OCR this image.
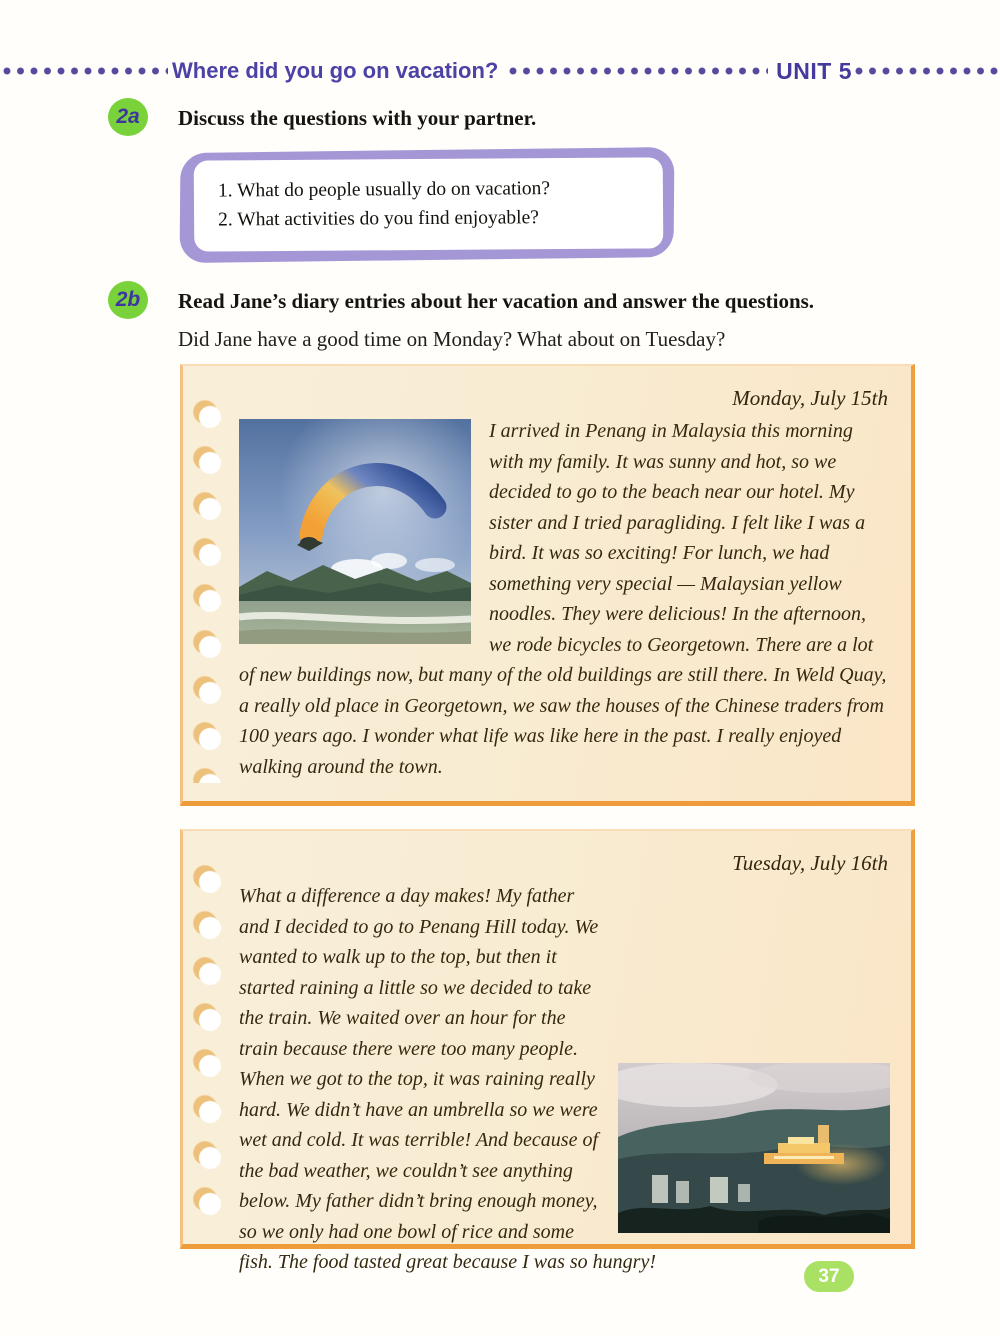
Where did you go on vacation?	UNIT 5
2a	Discuss the questions with your partner.
1. What do people usually do on vacation?
2. What activities do you find enjoyable?
2b	Read Jane’s diary entries about her vacation and answer the questions.
Did Jane have a good time on Monday? What about on Tuesday?
Monday, July 15th
I arrived in Penang in Malaysia this morning with my family. It was sunny and hot, so we decided to go to the beach near our hotel. My sister and I tried paragliding. I felt like I was a bird. It was so exciting! For lunch, we had something very special — Malaysian yellow noodles. They were delicious! In the afternoon, we rode bicycles to Georgetown. There are a lot of new buildings now, but many of the old buildings are still there. In Weld Quay, a really old place in Georgetown, we saw the houses of the Chinese traders from 100 years ago. I wonder what life was like here in the past. I really enjoyed walking around the town.
Tuesday, July 16th
What a difference a day makes! My father and I decided to go to Penang Hill today. We wanted to walk up to the top, but then it started raining a little so we decided to take the train. We waited over an hour for the train because there were too many people. When we got to the top, it was raining really hard. We didn’t have an umbrella so we were wet and cold. It was terrible! And because of the bad weather, we couldn’t see anything below. My father didn’t bring enough money, so we only had one bowl of rice and some fish. The food tasted great because I was so hungry!
37
